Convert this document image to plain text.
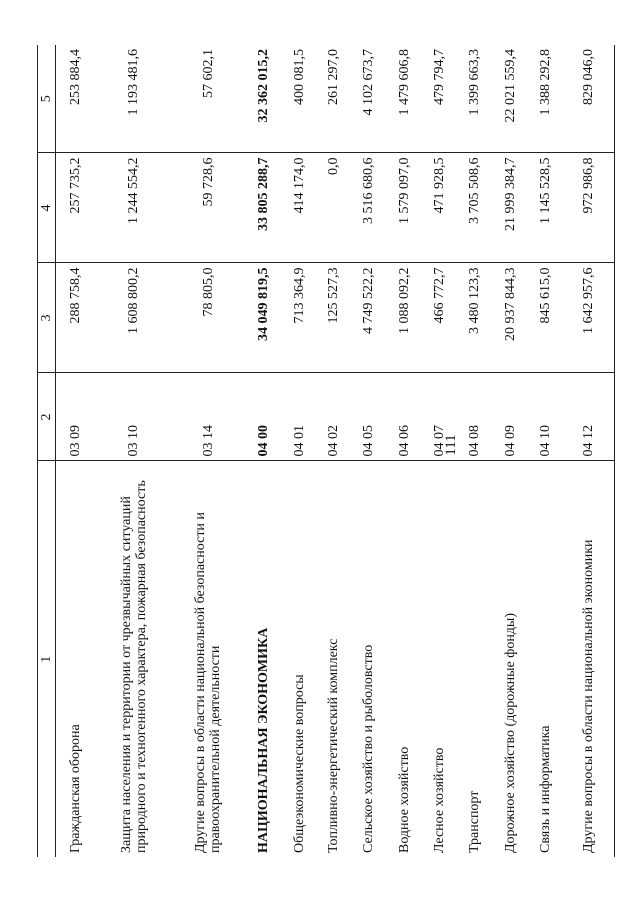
111
1	2	3	4	5
Гражданская оборона	03 09	288 758,4	257 735,2	253 884,4
Защита населения и территории от чрезвычайных ситуаций природного и техногенного характера, пожарная безопасность	03 10	1 608 800,2	1 244 554,2	1 193 481,6
Другие вопросы в области национальной безопасности и правоохранительной деятельности	03 14	78 805,0	59 728,6	57 602,1
НАЦИОНАЛЬНАЯ ЭКОНОМИКА	04 00	34 049 819,5	33 805 288,7	32 362 015,2
Общеэкономические вопросы	04 01	713 364,9	414 174,0	400 081,5
Топливно-энергетический комплекс	04 02	125 527,3	0,0	261 297,0
Сельское хозяйство и рыболовство	04 05	4 749 522,2	3 516 680,6	4 102 673,7
Водное хозяйство	04 06	1 088 092,2	1 579 097,0	1 479 606,8
Лесное хозяйство	04 07	466 772,7	471 928,5	479 794,7
Транспорт	04 08	3 480 123,3	3 705 508,6	1 399 663,3
Дорожное хозяйство (дорожные фонды)	04 09	20 937 844,3	21 999 384,7	22 021 559,4
Связь и информатика	04 10	845 615,0	1 145 528,5	1 388 292,8
Другие вопросы в области национальной экономики	04 12	1 642 957,6	972 986,8	829 046,0
